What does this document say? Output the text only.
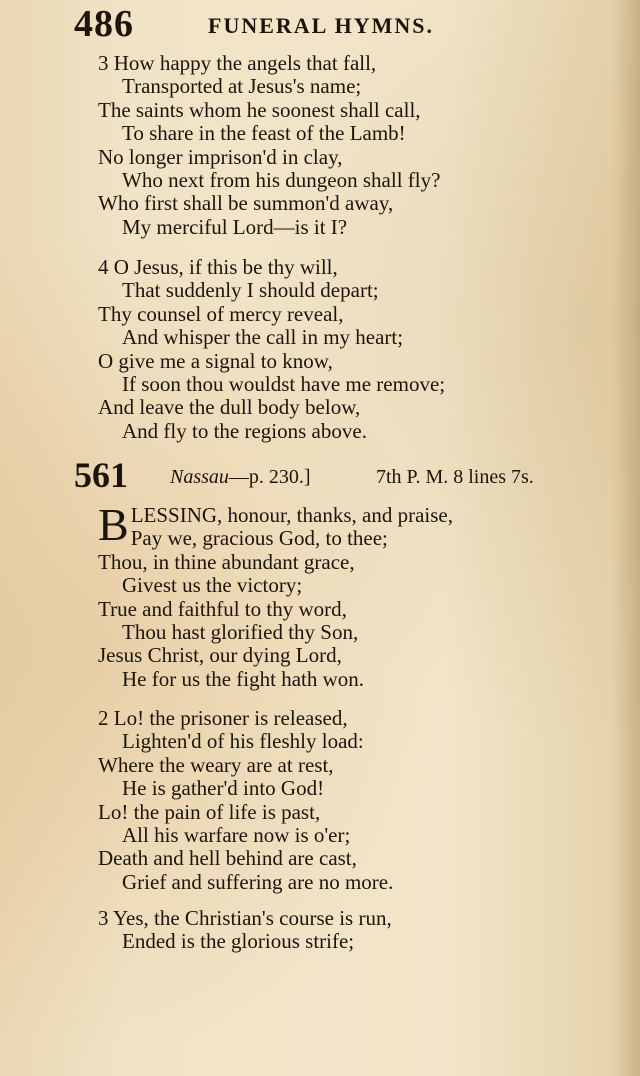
486	FUNERAL HYMNS.
3 How happy the angels that fall,
Transported at Jesus's name;
The saints whom he soonest shall call,
To share in the feast of the Lamb!
No longer imprison'd in clay,
Who next from his dungeon shall fly?
Who first shall be summon'd away,
My merciful Lord—is it I?
4 O Jesus, if this be thy will,
That suddenly I should depart;
Thy counsel of mercy reveal,
And whisper the call in my heart;
O give me a signal to know,
If soon thou wouldst have me remove;
And leave the dull body below,
And fly to the regions above.
561 Nassau—p. 230.]	7th P. M. 8 lines 7s.
B LESSING, honour, thanks, and praise,
Pay we, gracious God, to thee;
Thou, in thine abundant grace,
Givest us the victory;
True and faithful to thy word,
Thou hast glorified thy Son,
Jesus Christ, our dying Lord,
He for us the fight hath won.
2 Lo! the prisoner is released,
Lighten'd of his fleshly load:
Where the weary are at rest,
He is gather'd into God!
Lo! the pain of life is past,
All his warfare now is o'er;
Death and hell behind are cast,
Grief and suffering are no more.
3 Yes, the Christian's course is run,
Ended is the glorious strife;
